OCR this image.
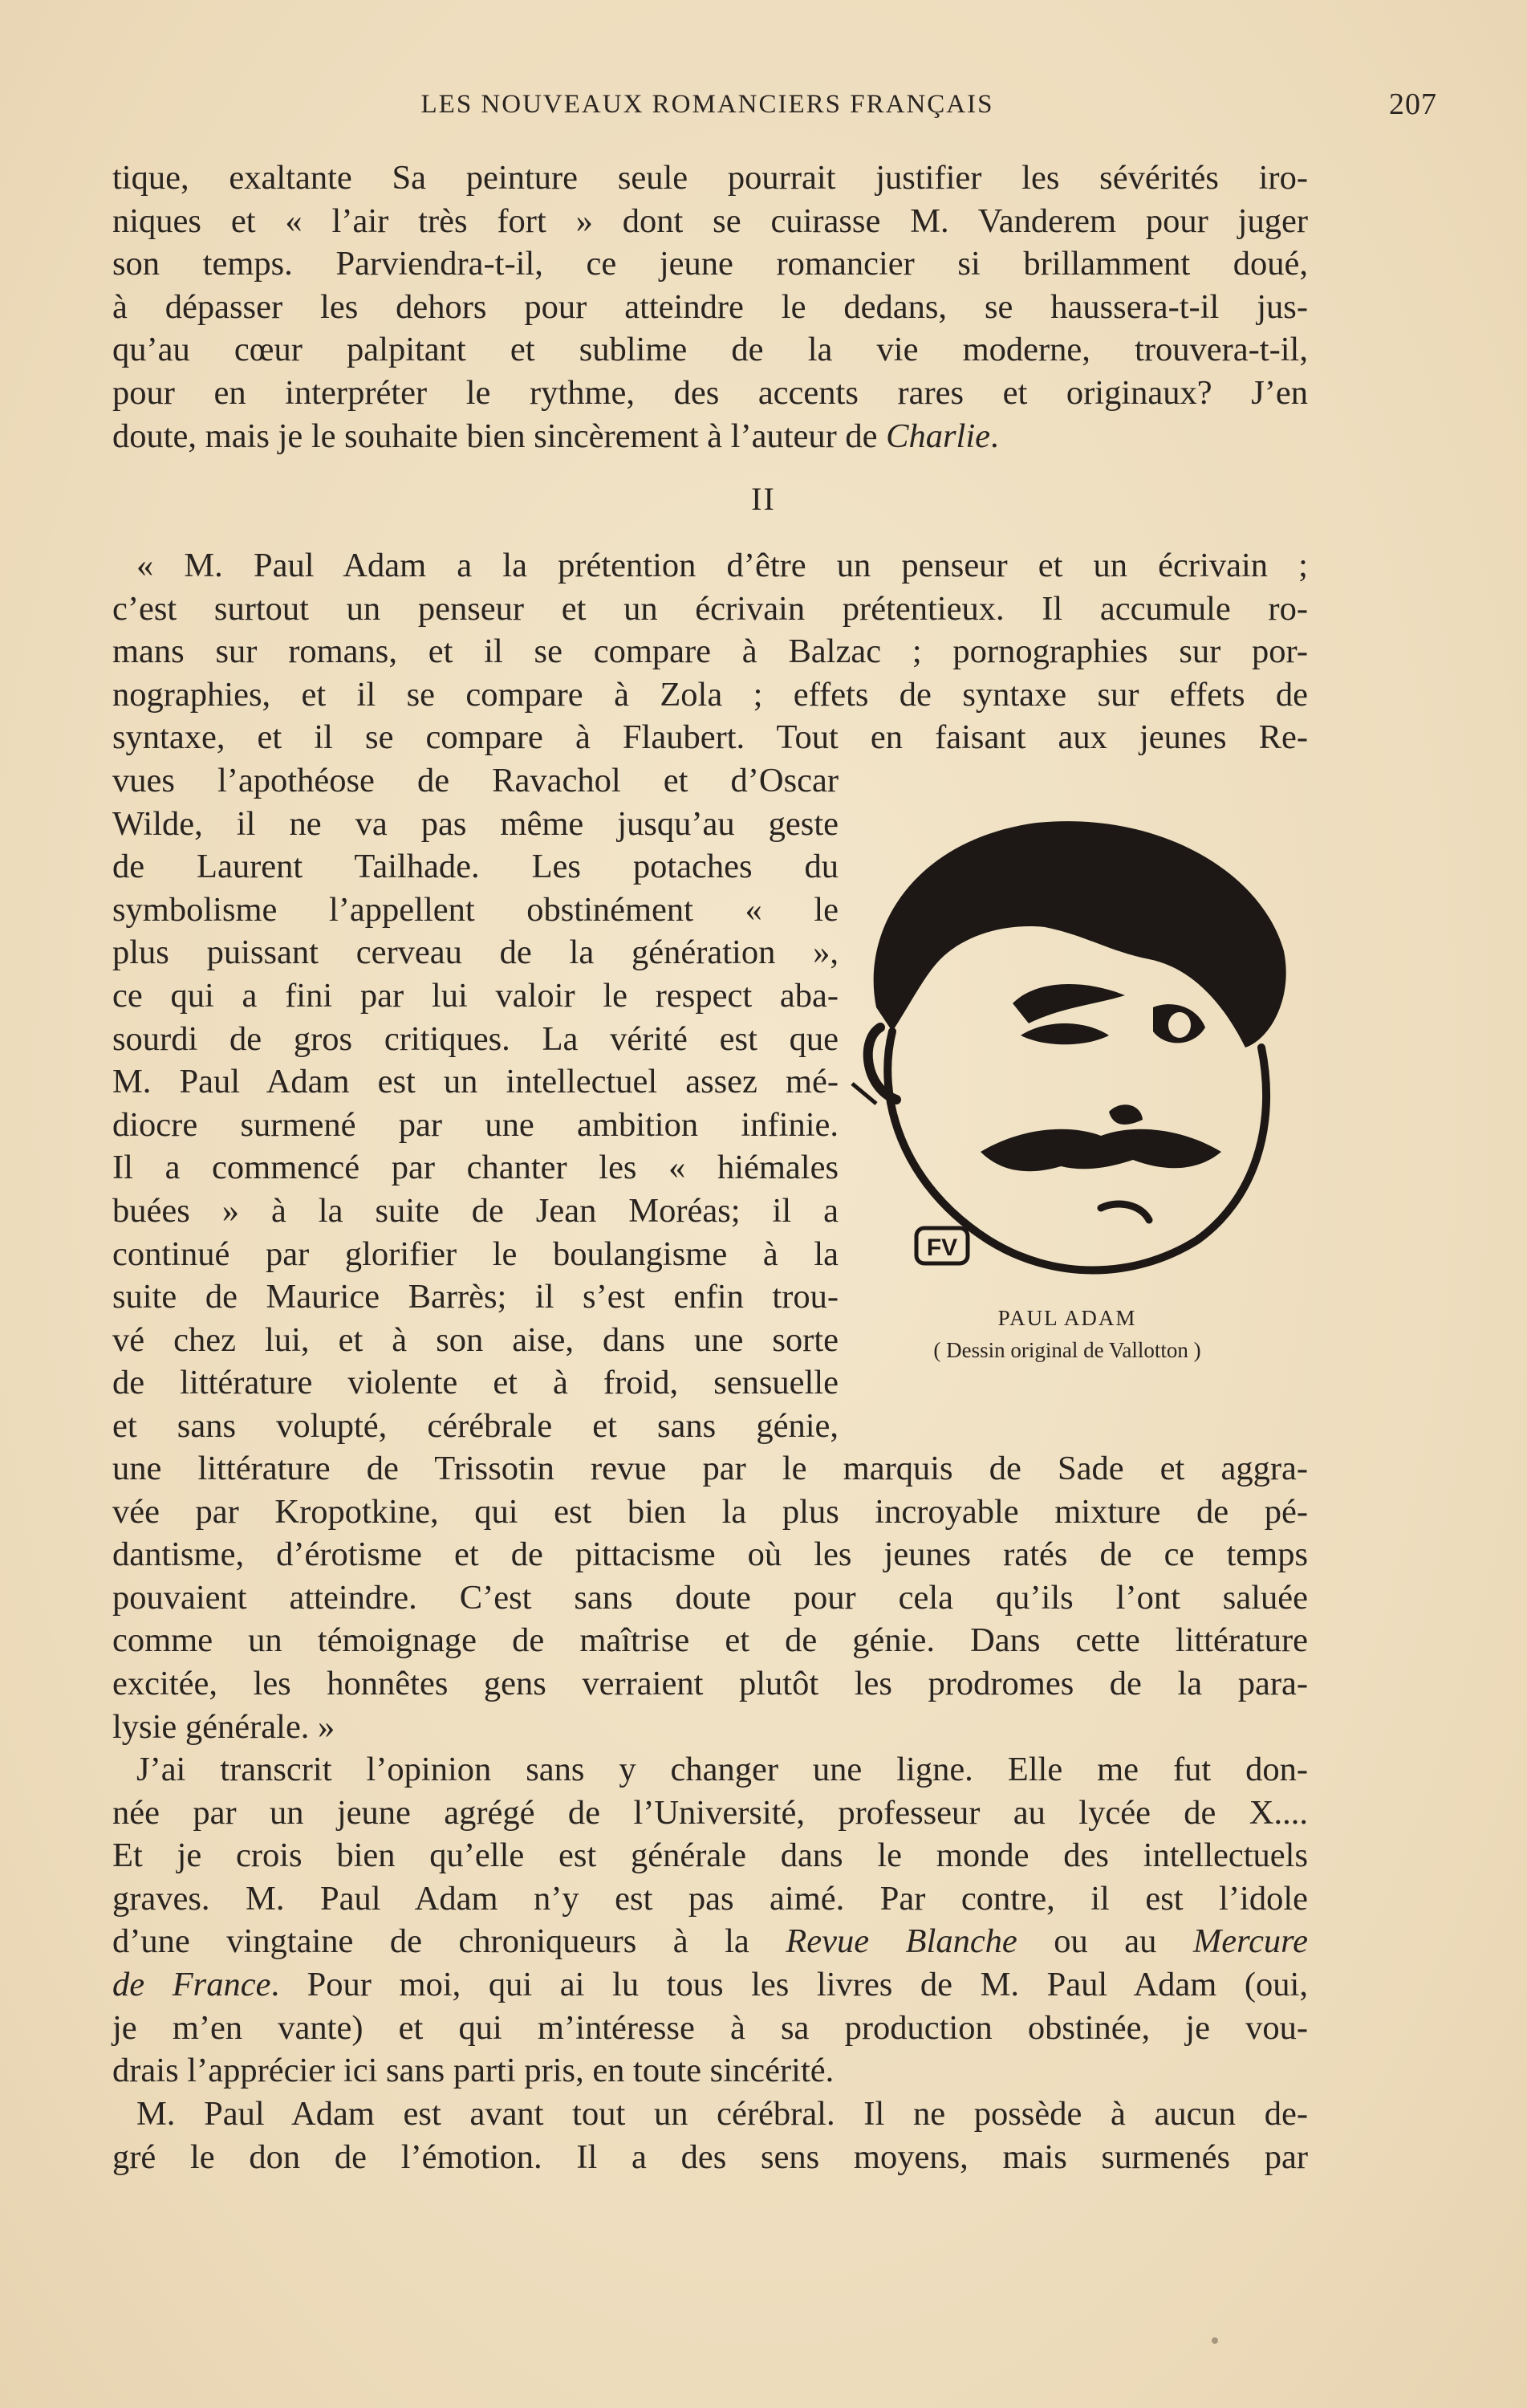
LES NOUVEAUX ROMANCIERS FRANÇAIS	207
tique, exaltante Sa peinture seule pourrait justifier les sévérités iro-
niques et « l’air très fort » dont se cuirasse M. Vanderem pour juger
son temps. Parviendra-t-il, ce jeune romancier si brillamment doué,
à dépasser les dehors pour atteindre le dedans, se haussera-t-il jus-
qu’au cœur palpitant et sublime de la vie moderne, trouvera-t-il,
pour en interpréter le rythme, des accents rares et originaux? J’en
doute, mais je le souhaite bien sincèrement à l’auteur de Charlie.
II
« M. Paul Adam a la prétention d’être un penseur et un écrivain ;
c’est surtout un penseur et un écrivain prétentieux. Il accumule ro-
mans sur romans, et il se compare à Balzac ; pornographies sur por-
nographies, et il se compare à Zola ; effets de syntaxe sur effets de
syntaxe, et il se compare à Flaubert. Tout en faisant aux jeunes Re-
vues l’apothéose de Ravachol et d’Oscar
Wilde, il ne va pas même jusqu’au geste
de Laurent Tailhade. Les potaches du
symbolisme l’appellent obstinément « le
plus puissant cerveau de la génération »,
ce qui a fini par lui valoir le respect aba-
sourdi de gros critiques. La vérité est que
M. Paul Adam est un intellectuel assez mé-
diocre surmené par une ambition infinie.
Il a commencé par chanter les « hiémales
buées » à la suite de Jean Moréas; il a
continué par glorifier le boulangisme à la
suite de Maurice Barrès; il s’est enfin trou-
vé chez lui, et à son aise, dans une sorte
de littérature violente et à froid, sensuelle
et sans volupté, cérébrale et sans génie,
FV
PAUL ADAM
( Dessin original de Vallotton )
une littérature de Trissotin revue par le marquis de Sade et aggra-
vée par Kropotkine, qui est bien la plus incroyable mixture de pé-
dantisme, d’érotisme et de pittacisme où les jeunes ratés de ce temps
pouvaient atteindre. C’est sans doute pour cela qu’ils l’ont saluée
comme un témoignage de maîtrise et de génie. Dans cette littérature
excitée, les honnêtes gens verraient plutôt les prodromes de la para-
lysie générale. »
J’ai transcrit l’opinion sans y changer une ligne. Elle me fut don-
née par un jeune agrégé de l’Université, professeur au lycée de X....
Et je crois bien qu’elle est générale dans le monde des intellectuels
graves. M. Paul Adam n’y est pas aimé. Par contre, il est l’idole
d’une vingtaine de chroniqueurs à la Revue Blanche ou au Mercure
de France. Pour moi, qui ai lu tous les livres de M. Paul Adam (oui,
je m’en vante) et qui m’intéresse à sa production obstinée, je vou-
drais l’apprécier ici sans parti pris, en toute sincérité.
M. Paul Adam est avant tout un cérébral. Il ne possède à aucun de-
gré le don de l’émotion. Il a des sens moyens, mais surmenés par
